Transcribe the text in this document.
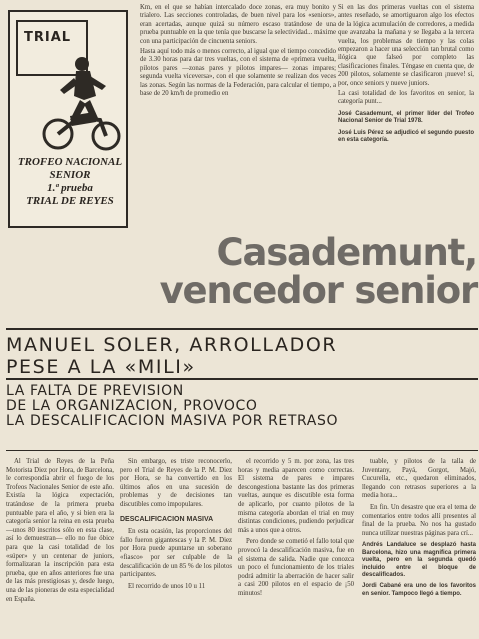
TRIAL
TROFEO NACIONAL
SENIOR
1.ª prueba
TRIAL DE REYES

Km, en el que se habían intercalado doce zonas, era muy bonito y trialero. Las secciones controladas, de buen nivel para los «seniors», eran acertadas, aunque quizá su número escaso tratándose de una prueba puntuable en la que tenía que buscarse la selectividad... máxime con una participación de cincuenta seniors.

Hasta aquí todo más o menos correcto, al igual que el tiempo concedido de 3.30 horas para dar tres vueltas, con el sistema de «primera vuelta, pilotos pares —zonas pares y pilotos impares— zonas impares; segunda vuelta viceversa», con el que solamente se realizan dos veces las zonas. Según las normas de la Federación, para calcular el tiempo, a base de 20 km/h de promedio en

Si en las dos primeras vueltas con el sistema antes reseñado, se amortiguaron algo los efectos de la lógica acumulación de corredores, a medida que avanzaba la mañana y se llegaba a la tercera vuelta, los problemas de tiempo y las colas empezaron a hacer una selección tan brutal como ilógica que falseó por completo las clasificaciones finales. Téngase en cuenta que, de 200 pilotos, solamente se clasificaron ¡nueve! sí, por, once seniors y nueve juniors.

La casi totalidad de los favoritos en senior, la categoría punt...

José Casademunt, el primer líder del Trofeo Nacional Senior de Trial 1978.
José Luis Pérez se adjudicó el segundo puesto en esta categoría.
Casademunt,
vencedor senior
MANUEL SOLER, ARROLLADOR
PESE A LA «MILI»
LA FALTA DE PREVISION
DE LA ORGANIZACION, PROVOCO
LA DESCALIFICACION MASIVA POR RETRASO

Al Trial de Reyes de la Peña Motorista Diez por Hora, de Barcelona, le correspondía abrir el fuego de los Trofeos Nacionales Senior de este año. Existía la lógica expectación, tratándose de la primera prueba puntuable para el año, y si bien era la categoría senior la reina en esta prueba —unos 80 inscritos sólo en esta clase, así lo demuestran— ello no fue óbice para que la casi totalidad de los «súper» y un centenar de juniors, formalizaran la inscripción para esta prueba, que en años anteriores fue una de las más prestigiosas y, desde luego, una de las pioneras de esta especialidad en España.

Sin embargo, es triste reconocerlo, pero el Trial de Reyes de la P. M. Diez por Hora, se ha convertido en los últimos años en una sucesión de problemas y de decisiones tan discutibles como impopulares.

DESCALIFICACION MASIVA

En esta ocasión, las proporciones del fallo fueron gigantescas y la P. M. Diez por Hora puede apuntarse un soberano «fiasco» por ser culpable de la descalificación de un 85 % de los pilotos participantes.

El recorrido de unos 10 u 11

el recorrido y 5 m. por zona, las tres horas y media aparecen como correctas. El sistema de pares e impares descongestiona bastante las dos primeras vueltas, aunque es discutible esta forma de aplicarlo, por cuanto pilotos de la misma categoría abordan el trial en muy distintas condiciones, pudiendo perjudicar más a unos que a otros.

Pero donde se cometió el fallo total que provocó la descalificación masiva, fue en el sistema de salida. Nadie que conozca un poco el funcionamiento de los triales podrá admitir la aberración de hacer salir a casi 200 pilotos en el espacio de ¡50 minutos!

tuable, y pilotos de la talla de Juventany, Payá, Gorgot, Majó, Cucurella, etc., quedaron eliminados, llegando con retrasos superiores a la media hora...

En fin. Un desastre que era el tema de comentarios entre todos allí presentes al final de la prueba. No nos ha gustado nunca utilizar nuestras páginas para crí...

Andrés Landaluce se desplazó hasta Barcelona, hizo una magnífica primera vuelta, pero en la segunda quedó incluido entre el bloque de descalificados.
Jordi Cabané era uno de los favoritos en senior. Tampoco llegó a tiempo.
